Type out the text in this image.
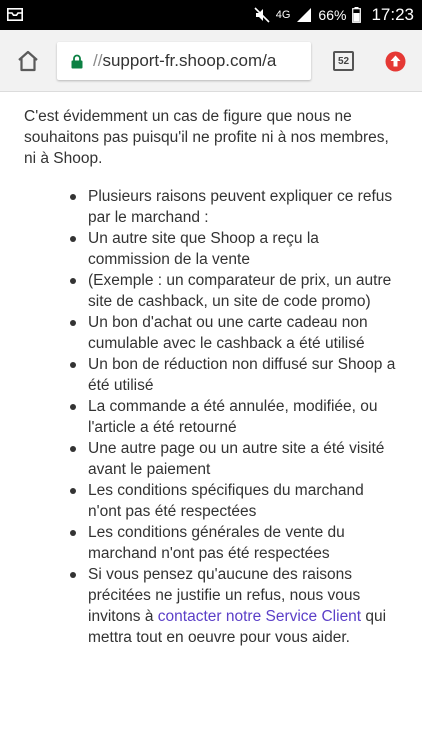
4G 66% 17:23
// support-fr.shoop.com/a	52

C'est évidemment un cas de figure que nous ne souhaitons pas puisqu'il ne profite ni à nos membres, ni à Shoop.

Plusieurs raisons peuvent expliquer ce refus par le marchand :
Un autre site que Shoop a reçu la commission de la vente
(Exemple : un comparateur de prix, un autre site de cashback, un site de code promo)
Un bon d'achat ou une carte cadeau non cumulable avec le cashback a été utilisé
Un bon de réduction non diffusé sur Shoop a été utilisé
La commande a été annulée, modifiée, ou l'article a été retourné
Une autre page ou un autre site a été visité avant le paiement
Les conditions spécifiques du marchand n'ont pas été respectées
Les conditions générales de vente du marchand n'ont pas été respectées
Si vous pensez qu'aucune des raisons précitées ne justifie un refus, nous vous invitons à contacter notre Service Client qui mettra tout en oeuvre pour vous aider.
